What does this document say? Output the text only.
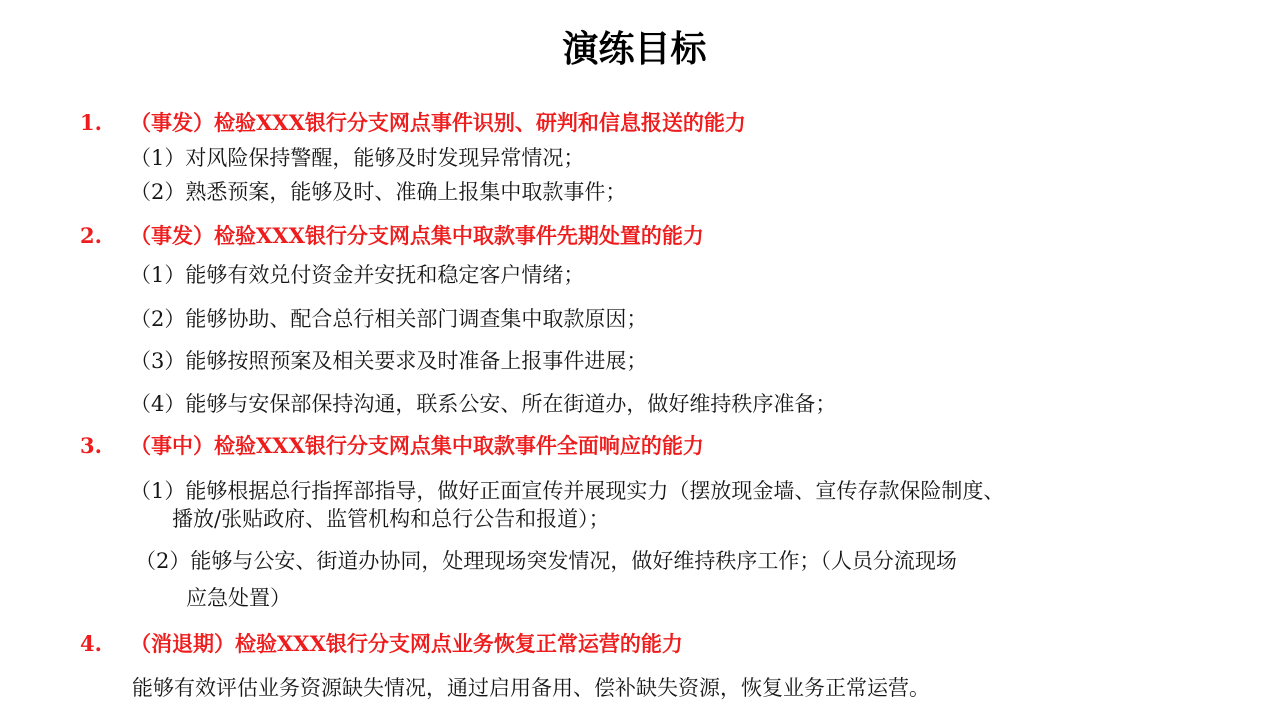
演练目标
1. （事发）检验XXX银行分支网点事件识别、研判和信息报送的能力
（1）对风险保持警醒，能够及时发现异常情况；
（2）熟悉预案，能够及时、准确上报集中取款事件；
2. （事发）检验XXX银行分支网点集中取款事件先期处置的能力
（1）能够有效兑付资金并安抚和稳定客户情绪；
（2）能够协助、配合总行相关部门调查集中取款原因；
（3）能够按照预案及相关要求及时准备上报事件进展；
（4）能够与安保部保持沟通，联系公安、所在街道办，做好维持秩序准备；
3. （事中）检验XXX银行分支网点集中取款事件全面响应的能力
（1）能够根据总行指挥部指导，做好正面宣传并展现实力（摆放现金墙、宣传存款保险制度、
播放/张贴政府、监管机构和总行公告和报道）；
（2）能够与公安、街道办协同，处理现场突发情况，做好维持秩序工作；（人员分流现场
应急处置）
4. （消退期）检验XXX银行分支网点业务恢复正常运营的能力
能够有效评估业务资源缺失情况，通过启用备用、偿补缺失资源，恢复业务正常运营。
